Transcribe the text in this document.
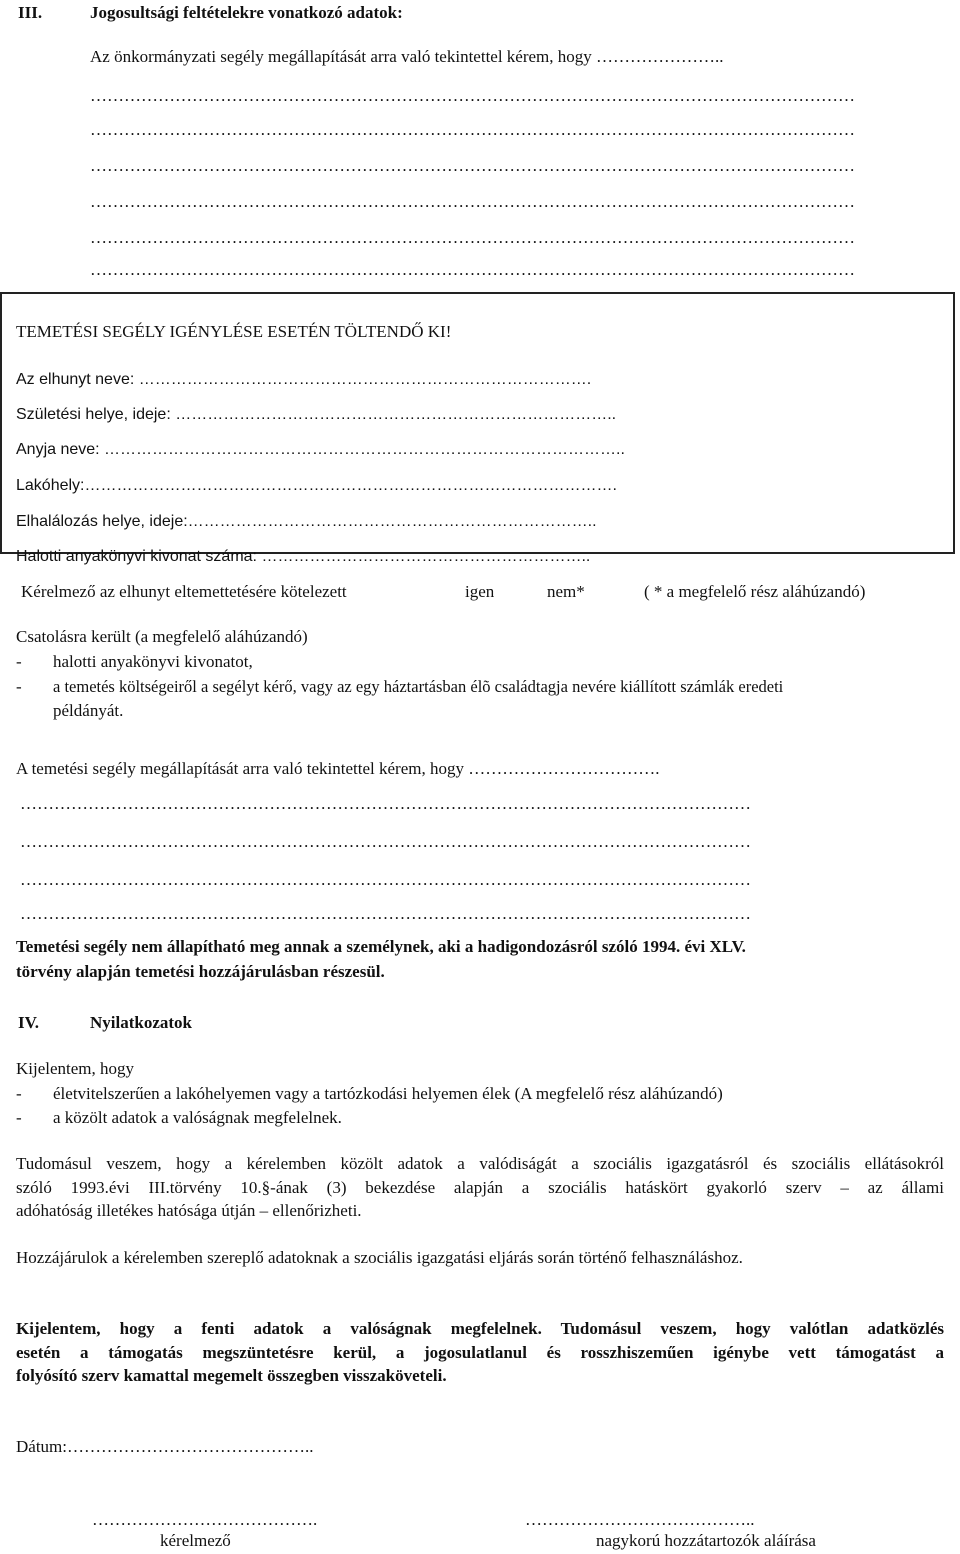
III.	Jogosultsági feltételekre vonatkozó adatok:
Az önkormányzati segély megállapítását arra való tekintettel kérem, hogy …………………..
………………………………………………………………………………………………………………………
………………………………………………………………………………………………………………………
………………………………………………………………………………………………………………………
………………………………………………………………………………………………………………………
………………………………………………………………………………………………………………………
………………………………………………………………………………………………………………………
TEMETÉSI SEGÉLY IGÉNYLÉSE ESETÉN TÖLTENDŐ KI!
Az elhunyt neve: ………………………………………………………………………….
Születési helye, ideje: ………………………………………………………………………..
Anyja neve: ……………………………………………………………………………………..
Lakóhely:……………………………………………………………………………………….
Elhalálozás helye, ideje:…………………………………………………………………..
Halotti anyakönyvi kivonat száma: ……………………………………………………..
Kérelmező az elhunyt eltemettetésére kötelezett	igen	nem*	( * a megfelelő rész aláhúzandó)
Csatolásra került (a megfelelő aláhúzandó)
- halotti anyakönyvi kivonatot,
- a temetés költségeiről a segélyt kérő, vagy az egy háztartásban élõ családtagja nevére kiállított számlák eredeti
példányát.
A temetési segély megállapítását arra való tekintettel kérem, hogy …………………………….
…………………………………………………………………………………………………………………
…………………………………………………………………………………………………………………
…………………………………………………………………………………………………………………
…………………………………………………………………………………………………………………
Temetési segély nem állapítható meg annak a személynek, aki a hadigondozásról szóló 1994. évi XLV.
törvény alapján temetési hozzájárulásban részesül.
IV.	Nyilatkozatok
Kijelentem, hogy
- életvitelszerűen a lakóhelyemen vagy a tartózkodási helyemen élek (A megfelelő rész aláhúzandó)
- a közölt adatok a valóságnak megfelelnek.
Tudomásul veszem, hogy a kérelemben közölt adatok a valódiságát a szociális igazgatásról és szociális ellátásokról
szóló 1993.évi III.törvény 10.§-ának (3) bekezdése alapján a szociális hatáskört gyakorló szerv – az állami
adóhatóság illetékes hatósága útján – ellenőrizheti.
Hozzájárulok a kérelemben szereplő adatoknak a szociális igazgatási eljárás során történő felhasználáshoz.
Kijelentem, hogy a fenti adatok a valóságnak megfelelnek. Tudomásul veszem, hogy valótlan adatközlés
esetén a támogatás megszüntetésre kerül, a jogosulatlanul és rosszhiszeműen igénybe vett támogatást a
folyósító szerv kamattal megemelt összegben visszaköveteli.
Dátum:……………………………………..
………………………………….
kérelmező
…………………………………..
nagykorú hozzátartozók aláírása
